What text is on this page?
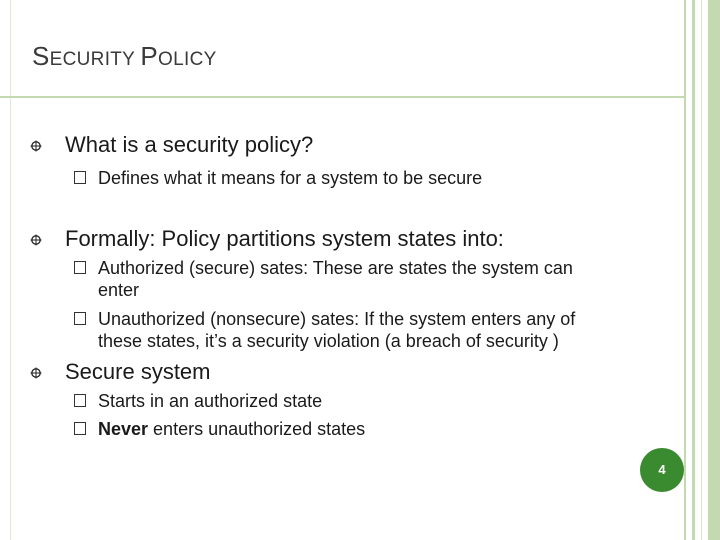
SECURITY POLICY
What is a security policy?
Defines what it means for a system to be secure
Formally: Policy partitions system states into:
Authorized (secure) sates: These are states the system can
enter
Unauthorized (nonsecure) sates: If the system enters any of
these states, it’s a security violation (a breach of security )
Secure system
Starts in an authorized state
Never enters unauthorized states
4
